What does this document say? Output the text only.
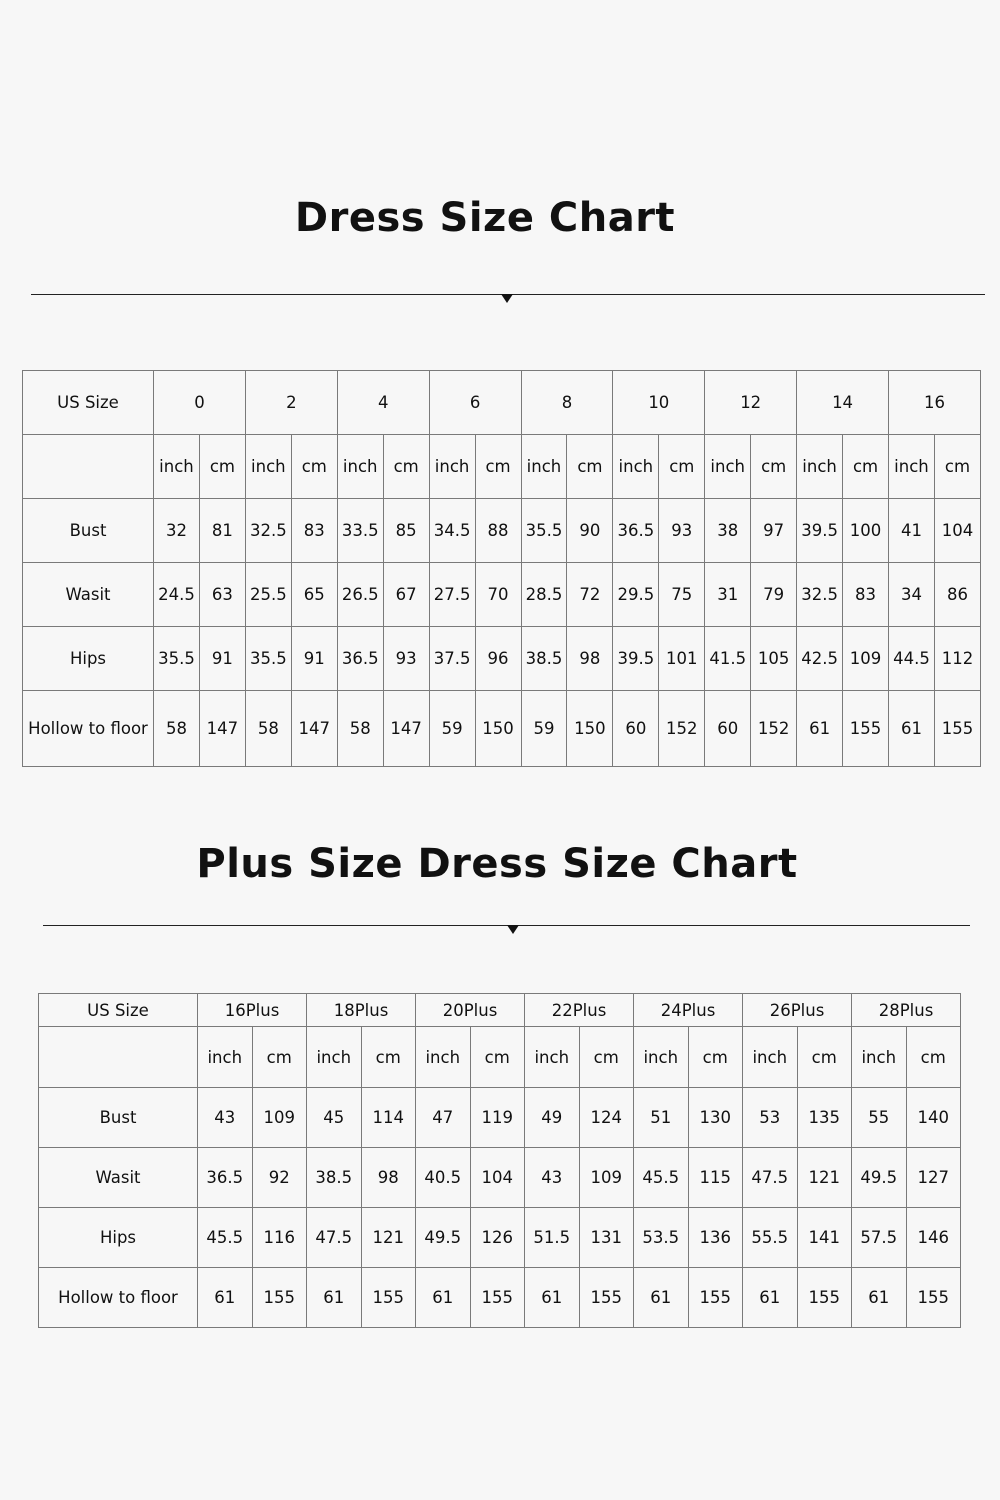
Dress Size Chart
US Size	0		2		4		6		8		10		12		14		16	
	inch	cm	inch	cm	inch	cm	inch	cm	inch	cm	inch	cm	inch	cm	inch	cm	inch	cm
Bust	32	81	32.5	83	33.5	85	34.5	88	35.5	90	36.5	93	38	97	39.5	100	41	104
Wasit	24.5	63	25.5	65	26.5	67	27.5	70	28.5	72	29.5	75	31	79	32.5	83	34	86
Hips	35.5	91	35.5	91	36.5	93	37.5	96	38.5	98	39.5	101	41.5	105	42.5	109	44.5	112
Hollow to floor	58	147	58	147	58	147	59	150	59	150	60	152	60	152	61	155	61	155
Plus Size Dress Size Chart
US Size	16Plus		18Plus		20Plus		22Plus		24Plus		26Plus		28Plus	
	inch	cm	inch	cm	inch	cm	inch	cm	inch	cm	inch	cm	inch	cm
Bust	43	109	45	114	47	119	49	124	51	130	53	135	55	140
Wasit	36.5	92	38.5	98	40.5	104	43	109	45.5	115	47.5	121	49.5	127
Hips	45.5	116	47.5	121	49.5	126	51.5	131	53.5	136	55.5	141	57.5	146
Hollow to floor	61	155	61	155	61	155	61	155	61	155	61	155	61	155
